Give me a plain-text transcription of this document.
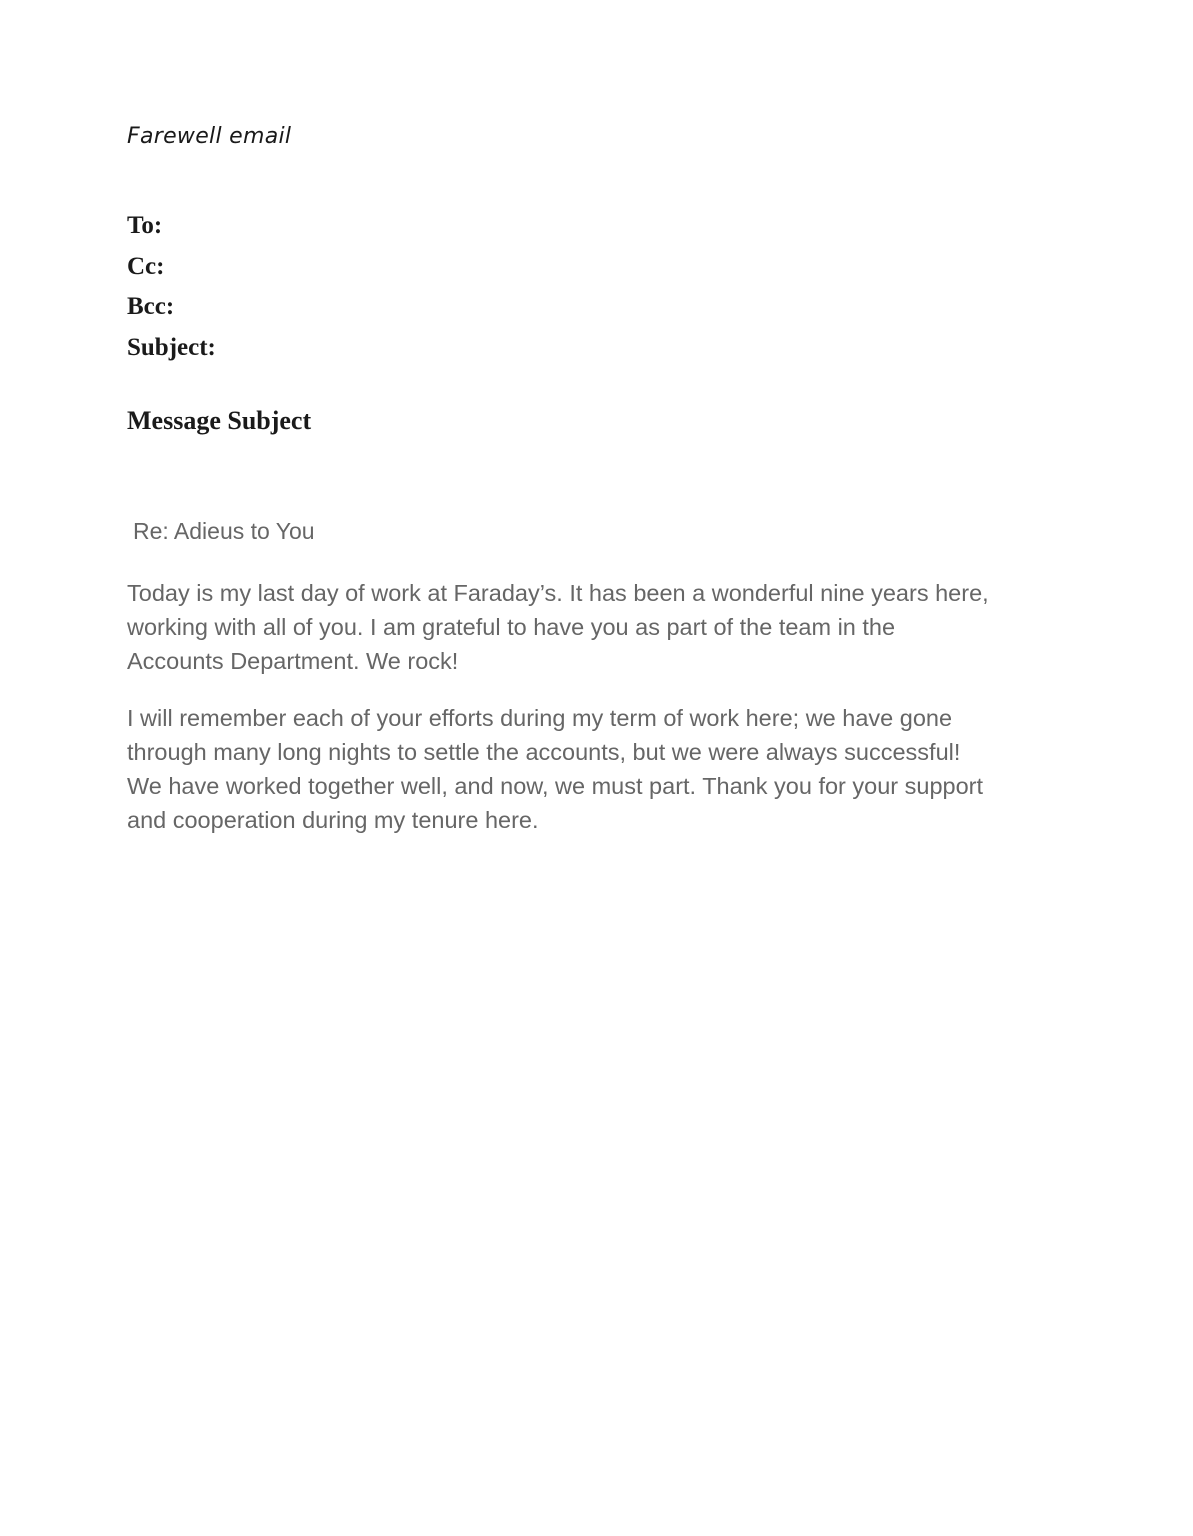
Farewell email
To:
Cc:
Bcc:
Subject:
Message Subject
Re: Adieus to You
Today is my last day of work at Faraday’s. It has been a wonderful nine years here,
working with all of you. I am grateful to have you as part of the team in the
Accounts Department. We rock!
I will remember each of your efforts during my term of work here; we have gone
through many long nights to settle the accounts, but we were always successful!
We have worked together well, and now, we must part. Thank you for your support
and cooperation during my tenure here.
